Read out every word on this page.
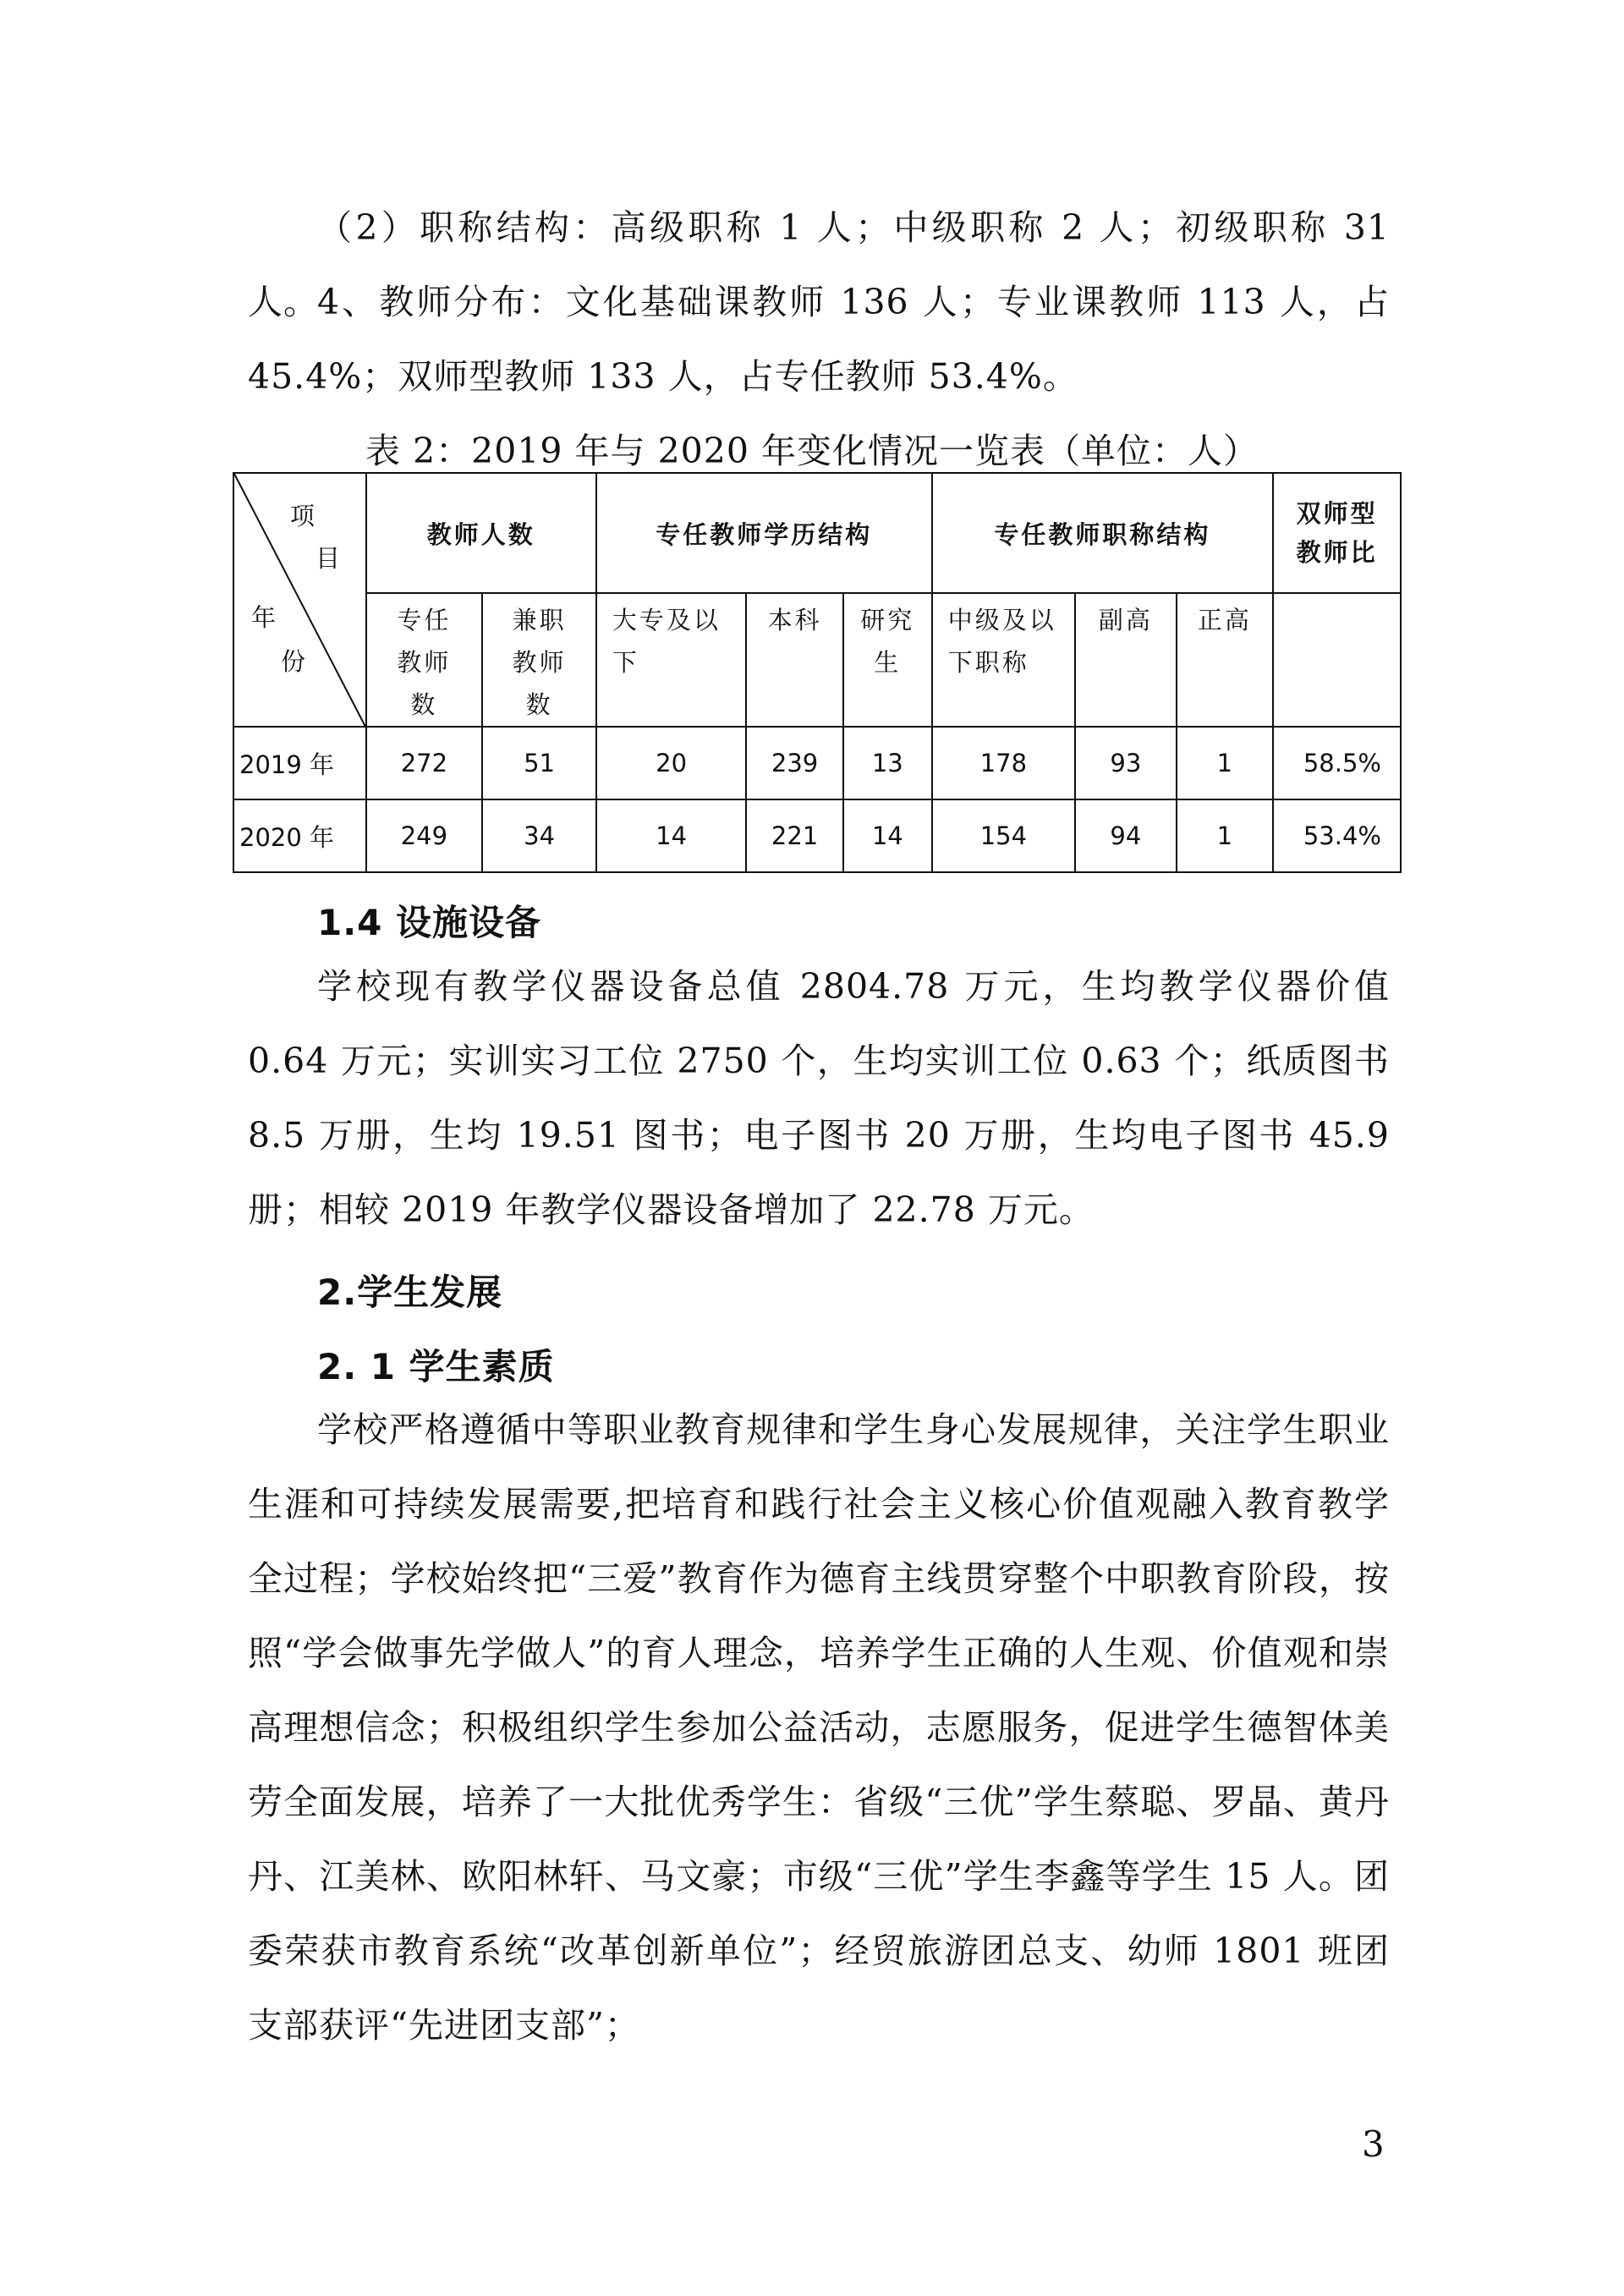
（2）职称结构：高级职称 1 人；中级职称 2 人；初级职称 31 人。

4、教师分布：文化基础课教师 136 人；专业课教师 113 人，占 45.4%；双师型教师 133 人，占专任教师 53.4%。

表 2：2019 年与 2020 年变化情况一览表（单位：人）

项
目
年
份	教师人数		专任教师学历结构			专任教师职称结构			双师型教师比
	专任教师数	兼职教师数	大专及以下	本科	研究生	中级及以下职称	副高	正高	
2019 年	272	51	20	239	13	178	93	1	58.5%
2020 年	249	34	14	221	14	154	94	1	53.4%

1.4 设施设备

学校现有教学仪器设备总值 2804.78 万元，生均教学仪器价值 0.64 万元；实训实习工位 2750 个，生均实训工位 0.63 个；纸质图书 8.5 万册，生均 19.51 图书；电子图书 20 万册，生均电子图书 45.9 册；相较 2019 年教学仪器设备增加了 22.78 万元。

2.学生发展

2. 1 学生素质

学校严格遵循中等职业教育规律和学生身心发展规律，关注学生职业生涯和可持续发展需要,把培育和践行社会主义核心价值观融入教育教学全过程；学校始终把“三爱”教育作为德育主线贯穿整个中职教育阶段，按照“学会做事先学做人”的育人理念，培养学生正确的人生观、价值观和崇高理想信念；积极组织学生参加公益活动，志愿服务，促进学生德智体美劳全面发展，培养了一大批优秀学生：省级“三优”学生蔡聪、罗晶、黄丹丹、江美林、欧阳林轩、马文豪；市级“三优”学生李鑫等学生 15 人。团委荣获市教育系统“改革创新单位”；经贸旅游团总支、幼师 1801 班团支部获评“先进团支部”；

3
